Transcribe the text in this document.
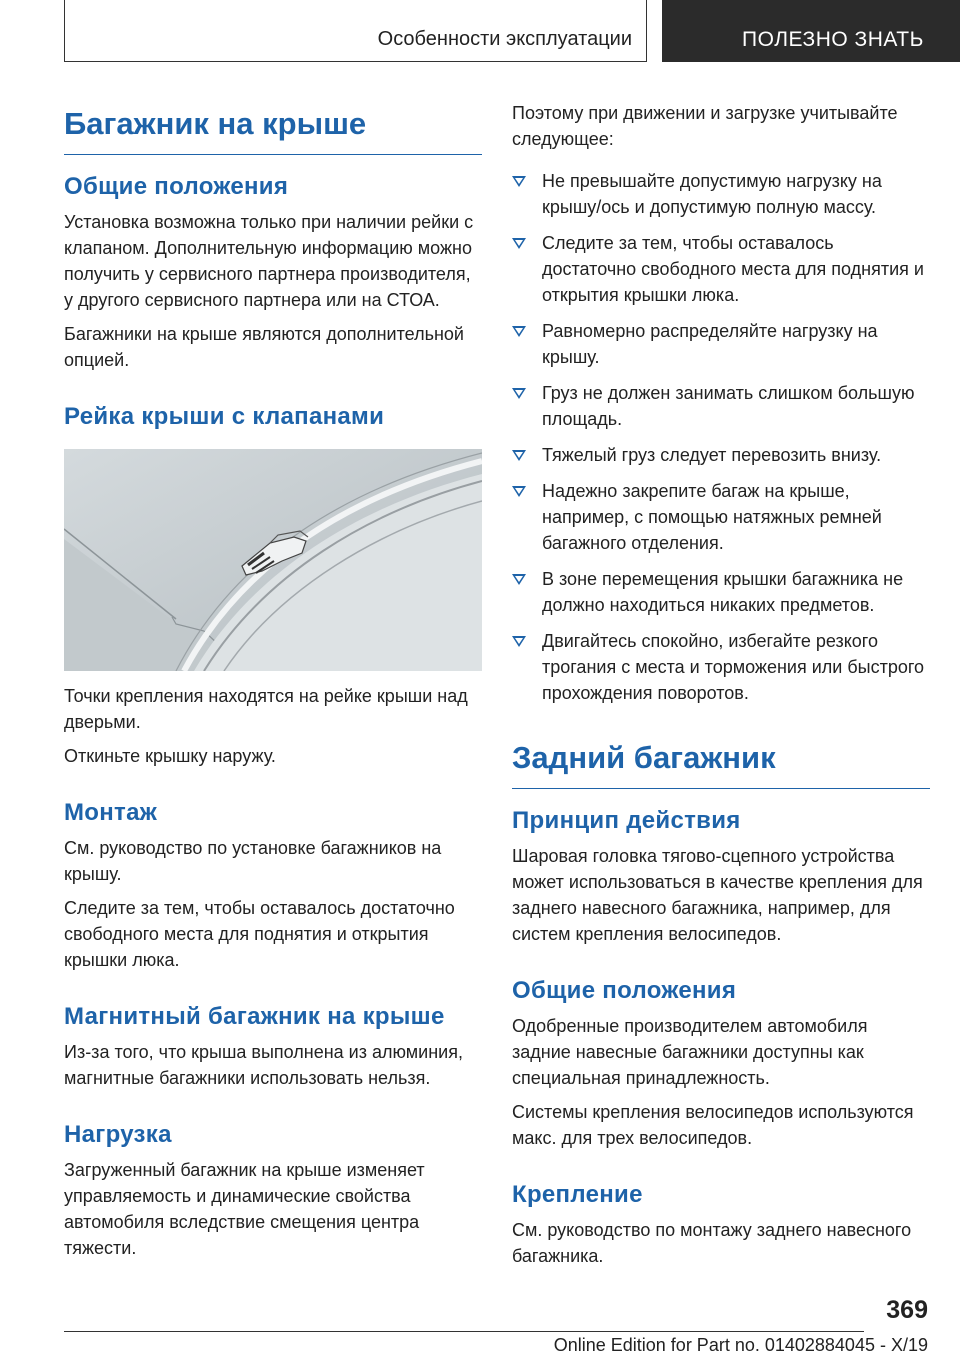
Особенности эксплуатации	ПОЛЕЗНО ЗНАТЬ
Багажник на крыше
Общие положения

Установка возможна только при наличии рейки с клапаном. Дополнительную информацию можно получить у сервисного партнера производителя, у другого сервисного партнера или на СТОА.

Багажники на крыше являются дополнительной опцией.

Рейка крыши с клапанами

Точки крепления находятся на рейке крыши над дверьми.

Откиньте крышку наружу.

Монтаж

См. руководство по установке багажников на крышу.

Следите за тем, чтобы оставалось достаточно свободного места для поднятия и открытия крышки люка.

Магнитный багажник на крыше

Из-за того, что крыша выполнена из алюминия, магнитные багажники использовать нельзя.

Нагрузка

Загруженный багажник на крыше изменяет управляемость и динамические свойства автомобиля вследствие смещения центра тяжести.

Поэтому при движении и загрузке учитывайте следующее:

Не превышайте допустимую нагрузку на крышу/ось и допустимую полную массу.
Следите за тем, чтобы оставалось достаточно свободного места для поднятия и открытия крышки люка.
Равномерно распределяйте нагрузку на крышу.
Груз не должен занимать слишком большую площадь.
Тяжелый груз следует перевозить внизу.
Надежно закрепите багаж на крыше, например, с помощью натяжных ремней багажного отделения.
В зоне перемещения крышки багажника не должно находиться никаких предметов.
Двигайтесь спокойно, избегайте резкого трогания с места и торможения или быстрого прохождения поворотов.
Задний багажник
Принцип действия

Шаровая головка тягово-сцепного устройства может использоваться в качестве крепления для заднего навесного багажника, например, для систем крепления велосипедов.

Общие положения

Одобренные производителем автомобиля задние навесные багажники доступны как специальная принадлежность.

Системы крепления велосипедов используются макс. для трех велосипедов.

Крепление

См. руководство по монтажу заднего навесного багажника.

369
Online Edition for Part no. 01402884045 - X/19
